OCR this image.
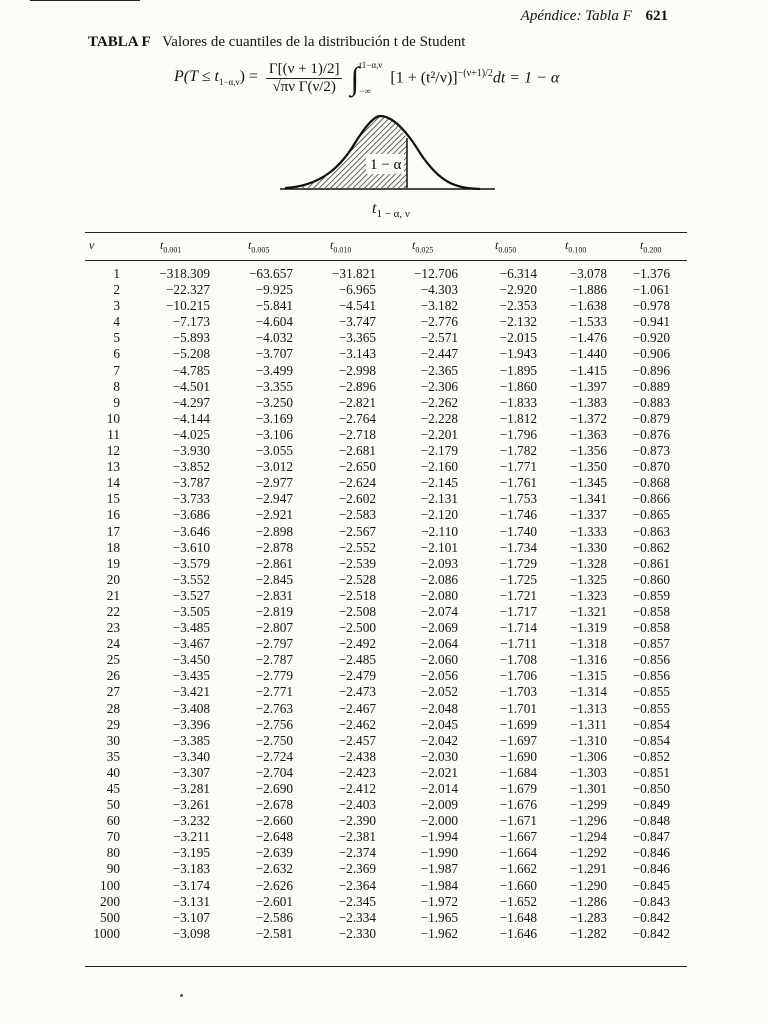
Apéndice: Tabla F 621
TABLA F Valores de cuantiles de la distribución t de Student
$P(T \le t_{1-\alpha,\nu}) = \frac{\Gamma[(\nu + 1)/2]}{\text{√πν Γ(ν/2)}}$ ∫ t1−α,ν
−∞
$[1 + (t^2/\nu)]^{-(\nu+1)/2}dt = 1 - \alpha$
1 − α
$t_{1 - \alpha, \nu}$
ν	$t_{0.001}$	$t_{0.005}$	$t_{0.010}$	$t_{0.025}$	$t_{0.050}$	$t_{0.100}$	$t_{0.200}$
1	−318.309	−63.657	−31.821	−12.706	−6.314	−3.078	−1.376
2	−22.327	−9.925	−6.965	−4.303	−2.920	−1.886	−1.061
3	−10.215	−5.841	−4.541	−3.182	−2.353	−1.638	−0.978
4	−7.173	−4.604	−3.747	−2.776	−2.132	−1.533	−0.941
5	−5.893	−4.032	−3.365	−2.571	−2.015	−1.476	−0.920
6	−5.208	−3.707	−3.143	−2.447	−1.943	−1.440	−0.906
7	−4.785	−3.499	−2.998	−2.365	−1.895	−1.415	−0.896
8	−4.501	−3.355	−2.896	−2.306	−1.860	−1.397	−0.889
9	−4.297	−3.250	−2.821	−2.262	−1.833	−1.383	−0.883
10	−4.144	−3.169	−2.764	−2.228	−1.812	−1.372	−0.879
11	−4.025	−3.106	−2.718	−2.201	−1.796	−1.363	−0.876
12	−3.930	−3.055	−2.681	−2.179	−1.782	−1.356	−0.873
13	−3.852	−3.012	−2.650	−2.160	−1.771	−1.350	−0.870
14	−3.787	−2.977	−2.624	−2.145	−1.761	−1.345	−0.868
15	−3.733	−2.947	−2.602	−2.131	−1.753	−1.341	−0.866
16	−3.686	−2.921	−2.583	−2.120	−1.746	−1.337	−0.865
17	−3.646	−2.898	−2.567	−2.110	−1.740	−1.333	−0.863
18	−3.610	−2.878	−2.552	−2.101	−1.734	−1.330	−0.862
19	−3.579	−2.861	−2.539	−2.093	−1.729	−1.328	−0.861
20	−3.552	−2.845	−2.528	−2.086	−1.725	−1.325	−0.860
21	−3.527	−2.831	−2.518	−2.080	−1.721	−1.323	−0.859
22	−3.505	−2.819	−2.508	−2.074	−1.717	−1.321	−0.858
23	−3.485	−2.807	−2.500	−2.069	−1.714	−1.319	−0.858
24	−3.467	−2.797	−2.492	−2.064	−1.711	−1.318	−0.857
25	−3.450	−2.787	−2.485	−2.060	−1.708	−1.316	−0.856
26	−3.435	−2.779	−2.479	−2.056	−1.706	−1.315	−0.856
27	−3.421	−2.771	−2.473	−2.052	−1.703	−1.314	−0.855
28	−3.408	−2.763	−2.467	−2.048	−1.701	−1.313	−0.855
29	−3.396	−2.756	−2.462	−2.045	−1.699	−1.311	−0.854
30	−3.385	−2.750	−2.457	−2.042	−1.697	−1.310	−0.854
35	−3.340	−2.724	−2.438	−2.030	−1.690	−1.306	−0.852
40	−3.307	−2.704	−2.423	−2.021	−1.684	−1.303	−0.851
45	−3.281	−2.690	−2.412	−2.014	−1.679	−1.301	−0.850
50	−3.261	−2.678	−2.403	−2.009	−1.676	−1.299	−0.849
60	−3.232	−2.660	−2.390	−2.000	−1.671	−1.296	−0.848
70	−3.211	−2.648	−2.381	−1.994	−1.667	−1.294	−0.847
80	−3.195	−2.639	−2.374	−1.990	−1.664	−1.292	−0.846
90	−3.183	−2.632	−2.369	−1.987	−1.662	−1.291	−0.846
100	−3.174	−2.626	−2.364	−1.984	−1.660	−1.290	−0.845
200	−3.131	−2.601	−2.345	−1.972	−1.652	−1.286	−0.843
500	−3.107	−2.586	−2.334	−1.965	−1.648	−1.283	−0.842
1000	−3.098	−2.581	−2.330	−1.962	−1.646	−1.282	−0.842
